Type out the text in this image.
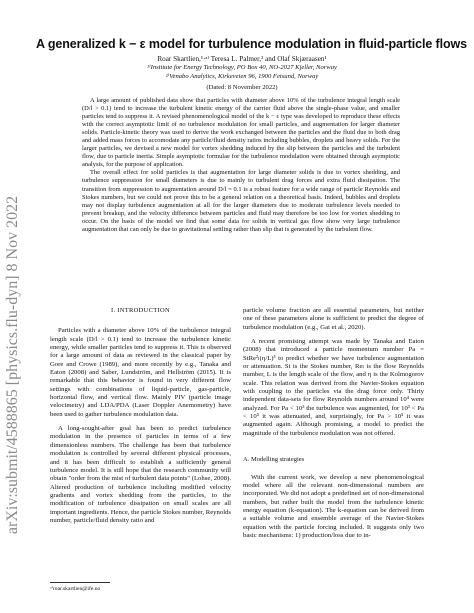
arXiv:submit/4588865 [physics.flu-dyn] 8 Nov 2022
A generalized k − ε model for turbulence modulation in fluid-particle flows
Roar Skartlien,¹·ᵃ⁾ Teresa L. Palmer,² and Olaf Skjæraasen¹
¹⁾Institute for Energy Technology, PO Box 40, NO-2027 Kjeller, Norway
²⁾Venabo Analytics, Kirkeveien 96, 1900 Fetsund, Norway
(Dated: 8 November 2022)

A large amount of published data show that particles with diameter above 10% of the turbulence integral length scale (D/l > 0.1) tend to increase the turbulent kinetic energy of the carrier fluid above the single-phase value, and smaller particles tend to suppress it. A revised phenomenological model of the k − ε type was developed to reproduce these effects with the correct asymptotic limit of no turbulence modulation for small particles, and augmentation for larger diameter solids. Particle-kinetic theory was used to derive the work exchanged between the particles and the fluid due to both drag and added mass forces to accomodate any particle/fluid density ratios including bubbles, droplets and heavy solids. For the larger particles, we devised a new model for vortex shedding induced by the slip between the particles and the turbulent flow, due to particle inertia. Simple asymptotic formulae for the turbulence modulation were obtained through asymptotic analysis, for the purpose of application.

The overall effect for solid particles is that augmentation for large diameter solids is due to vortex shedding, and turbulence suppression for small diameters is due to mainly to turbulent drag forces and extra fluid dissipation. The transition from suppression to augmentation around D/l = 0.1 is a robust feature for a wide range of particle Reynolds and Stokes numbers, but we could not prove this to be a general relation on a theoretical basis. Indeed, bubbles and droplets may not display turbulence augmentation at all for the larger diameters due to moderate turbulence levels needed to prevent breakup, and the velocity difference between particles and fluid may therefore be too low for vortex shedding to occur. On the basis of the model we find that some data for solids in vertical gas flow show very large turbulence augmentation that can only be due to gravitational settling rather than slip that is generated by the turbulent flow.

I. INTRODUCTION

Particles with a diameter above 10% of the turbulence integral length scale (D/l > 0.1) tend to increase the turbulence kinetic energy, while smaller particles tend to suppress it. This is observed for a large amount of data as reviewed in the classical paper by Gore and Crowe (1989), and more recently by e.g., Tanaka and Eaton (2008) and Saber, Lundström, and Hellström (2015). It is remarkable that this behavior is found in very different flow settings with combinations of liquid-particle, gas-particle, horizontal flow, and vertical flow. Mainly PIV (particle image velocimetry) and LDA/PDA (Laser Doppler Anemometry) have been used to gather turbulence modulation data.

A long-sought-after goal has been to predict turbulence modulation in the presence of particles in terms of a few dimensionless numbers. The challenge has been that turbulence modulation is controlled by several different physical processes, and it has been difficult to establish a sufficiently general turbulence model. It is still hope that the research community will obtain "order from the mist of turbulent data points" (Lohse, 2008). Altered production of turbulence including modified velocity gradients and vortex shedding from the particles, to the modification of turbulence dissipation on small scales are all important ingredients. Hence, the particle Stokes number, Reynolds number, particle/fluid density ratio and

particle volume fraction are all essential parameters, but neither one of these parameters alone is sufficient to predict the degree of turbulence modulation (e.g., Gai et al., 2020).

A recent promising attempt was made by Tanaka and Eaton (2008) that introduced a particle momentum number Pa = StRe²ₗ(η/L)³ to predict whether we have turbulence augmentation or attenuation. St is the Stokes number, Reₗ is the flow Reynolds number, L is the length scale of the flow, and η is the Kolmogorov scale. This relation was derived from the Navier-Stokes equation with coupling to the particles via the drag force only. Thirty independent data-sets for flow Reynolds numbers around 10⁴ were analyzed. For Pa < 10³ the turbulence was augmented, for 10³ < Pa < 10⁵ it was attenuated, and, surprisingly, for Pa > 10⁵ it was augmented again. Although promising, a model to predict the magnitude of the turbulence modulation was not offered.

A. Modelling strategies

With the current work, we develop a new phenomenological model where all the relevant non-dimensional numbers are incorporated. We did not adopt a predefined set of non-dimensional numbers, but rather built the model from the turbulence kinetic energy equation (k-equation). The k-equation can be derived from a suitable volume and ensemble average of the Navier-Stokes equation with the particle forcing included. It suggests only two basic mechanisms: 1) production/loss due to in-

ᵃ⁾roar.skartlien@ife.no
